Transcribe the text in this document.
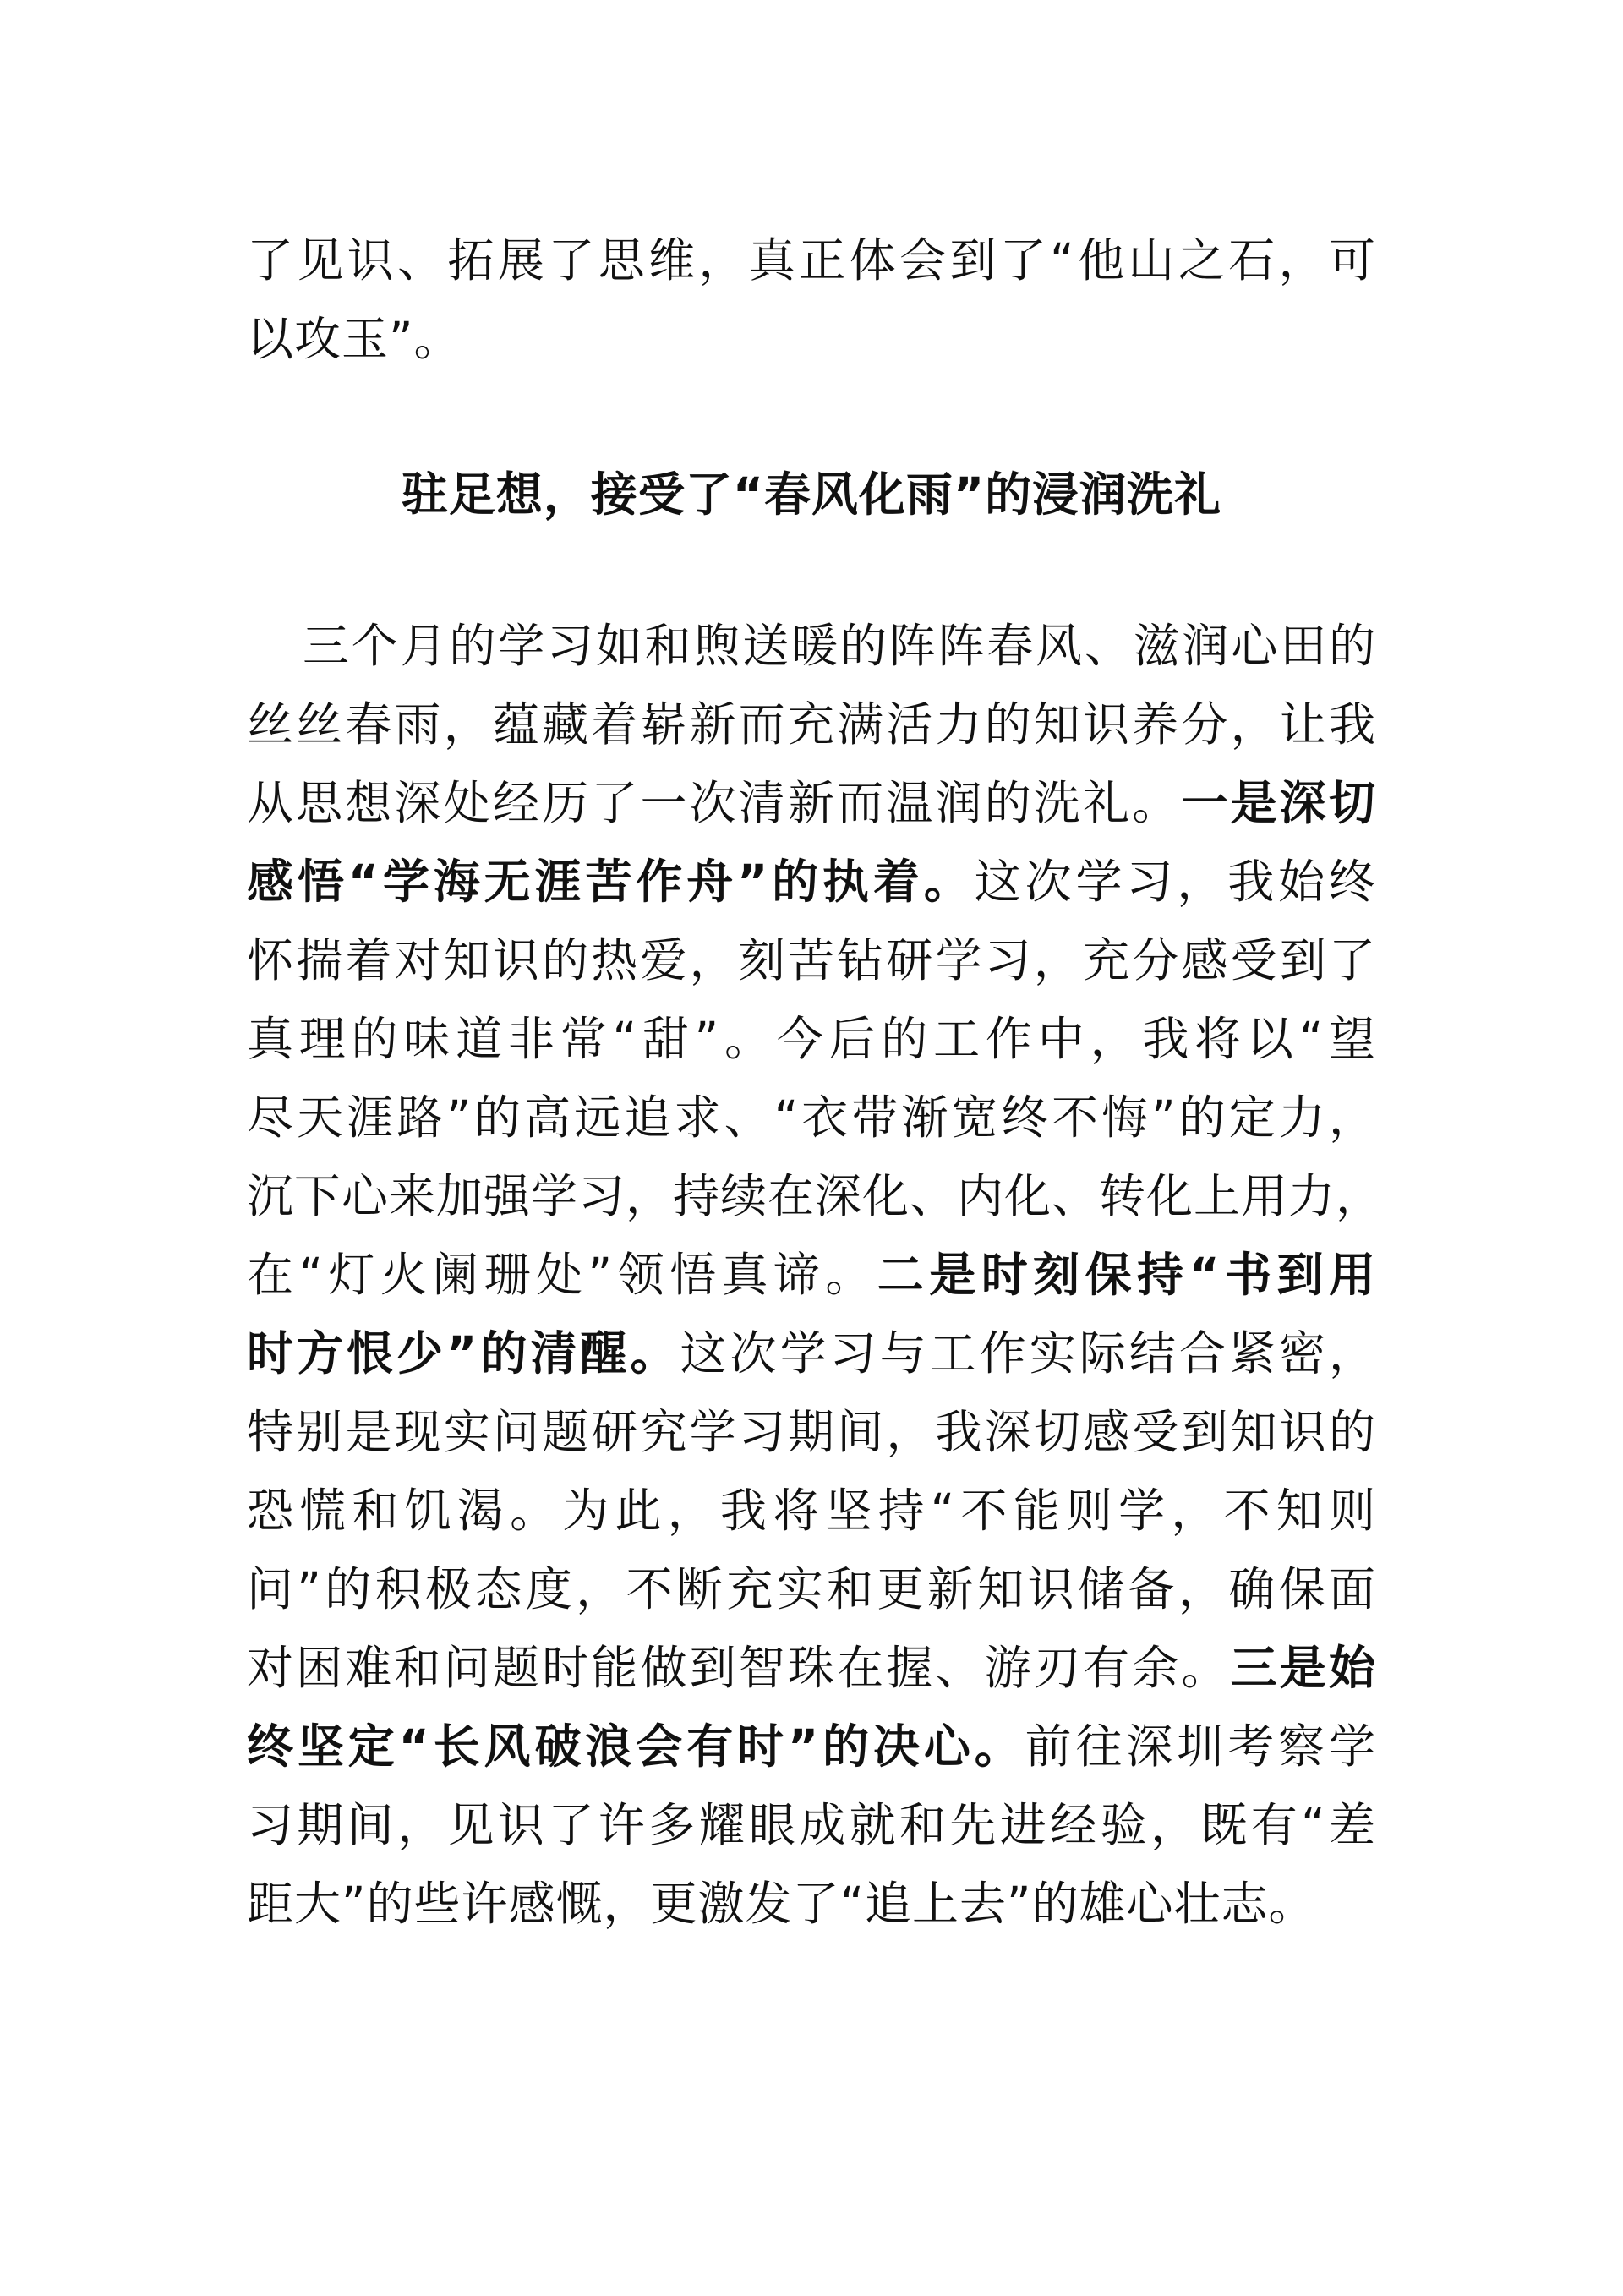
了见识、拓展了思维，真正体会到了“他山之石，可
以攻玉”。
驻足想，接受了“春风化雨”的浸润洗礼
三个月的学习如和煦送暖的阵阵春风、滋润心田的
丝丝春雨，蕴藏着崭新而充满活力的知识养分，让我
从思想深处经历了一次清新而温润的洗礼。一是深切
感悟“学海无涯苦作舟”的执着。这次学习，我始终
怀揣着对知识的热爱，刻苦钻研学习，充分感受到了
真理的味道非常“甜”。今后的工作中，我将以“望
尽天涯路”的高远追求、“衣带渐宽终不悔”的定力，
沉下心来加强学习，持续在深化、内化、转化上用力，
在“灯火阑珊处”领悟真谛。二是时刻保持“书到用
时方恨少”的清醒。这次学习与工作实际结合紧密，
特别是现实问题研究学习期间，我深切感受到知识的
恐慌和饥渴。为此，我将坚持“不能则学，不知则
问”的积极态度，不断充实和更新知识储备，确保面
对困难和问题时能做到智珠在握、游刃有余。三是始
终坚定“长风破浪会有时”的决心。前往深圳考察学
习期间，见识了许多耀眼成就和先进经验，既有“差
距大”的些许感慨，更激发了“追上去”的雄心壮志。
